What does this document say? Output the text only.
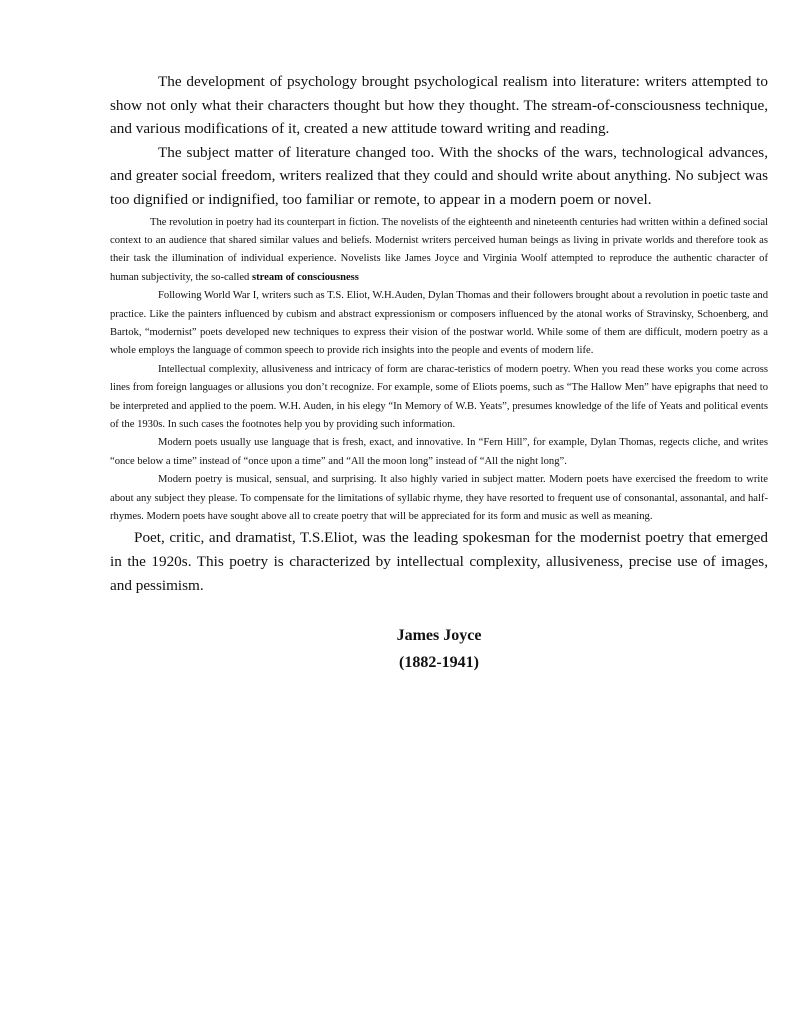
The development of psychology brought psychological realism into literature: writers attempted to show not only what their characters thought but how they thought. The stream-of-consciousness technique, and various modifications of it, created a new attitude toward writing and reading.

The subject matter of literature changed too. With the shocks of the wars, technological advances, and greater social freedom, writers realized that they could and should write about anything. No subject was too dignified or indignified, too familiar or remote, to appear in a modern poem or novel.

The revolution in poetry had its counterpart in fiction. The novelists of the eighteenth and nineteenth centuries had written within a defined social context to an audience that shared similar values and beliefs. Modernist writers perceived human beings as living in private worlds and therefore took as their task the illumination of individual experience. Novelists like James Joyce and Virginia Woolf attempted to reproduce the authentic character of human subjectivity, the so-called stream of consciousness

Following World War I, writers such as T.S. Eliot, W.H.Auden, Dylan Thomas and their followers brought about a revolution in poetic taste and practice. Like the painters influenced by cubism and abstract expressionism or composers influenced by the atonal works of Stravinsky, Schoenberg, and Bartok, “modernist” poets developed new techniques to express their vision of the postwar world. While some of them are difficult, modern poetry as a whole employs the language of common speech to provide rich insights into the people and events of modern life.

Intellectual complexity, allusiveness and intricacy of form are charac-teristics of modern poetry. When you read these works you come across lines from foreign languages or allusions you don’t recognize. For example, some of Eliots poems, such as “The Hallow Men” have epigraphs that need to be interpreted and applied to the poem. W.H. Auden, in his elegy “In Memory of W.B. Yeats”, presumes knowledge of the life of Yeats and political events of the 1930s. In such cases the footnotes help you by providing such information.

Modern poets usually use language that is fresh, exact, and innovative. In “Fern Hill”, for example, Dylan Thomas, regects cliche, and writes “once below a time” instead of “once upon a time” and “All the moon long” instead of “All the night long”.

Modern poetry is musical, sensual, and surprising. It also highly varied in subject matter. Modern poets have exercised the freedom to write about any subject they please. To compensate for the limitations of syllabic rhyme, they have resorted to frequent use of consonantal, assonantal, and half-rhymes. Modern poets have sought above all to create poetry that will be appreciated for its form and music as well as meaning.

Poet, critic, and dramatist, T.S.Eliot, was the leading spokesman for the modernist poetry that emerged in the 1920s. This poetry is characterized by intellectual complexity, allusiveness, precise use of images, and pessimism.

James Joyce

(1882-1941)
